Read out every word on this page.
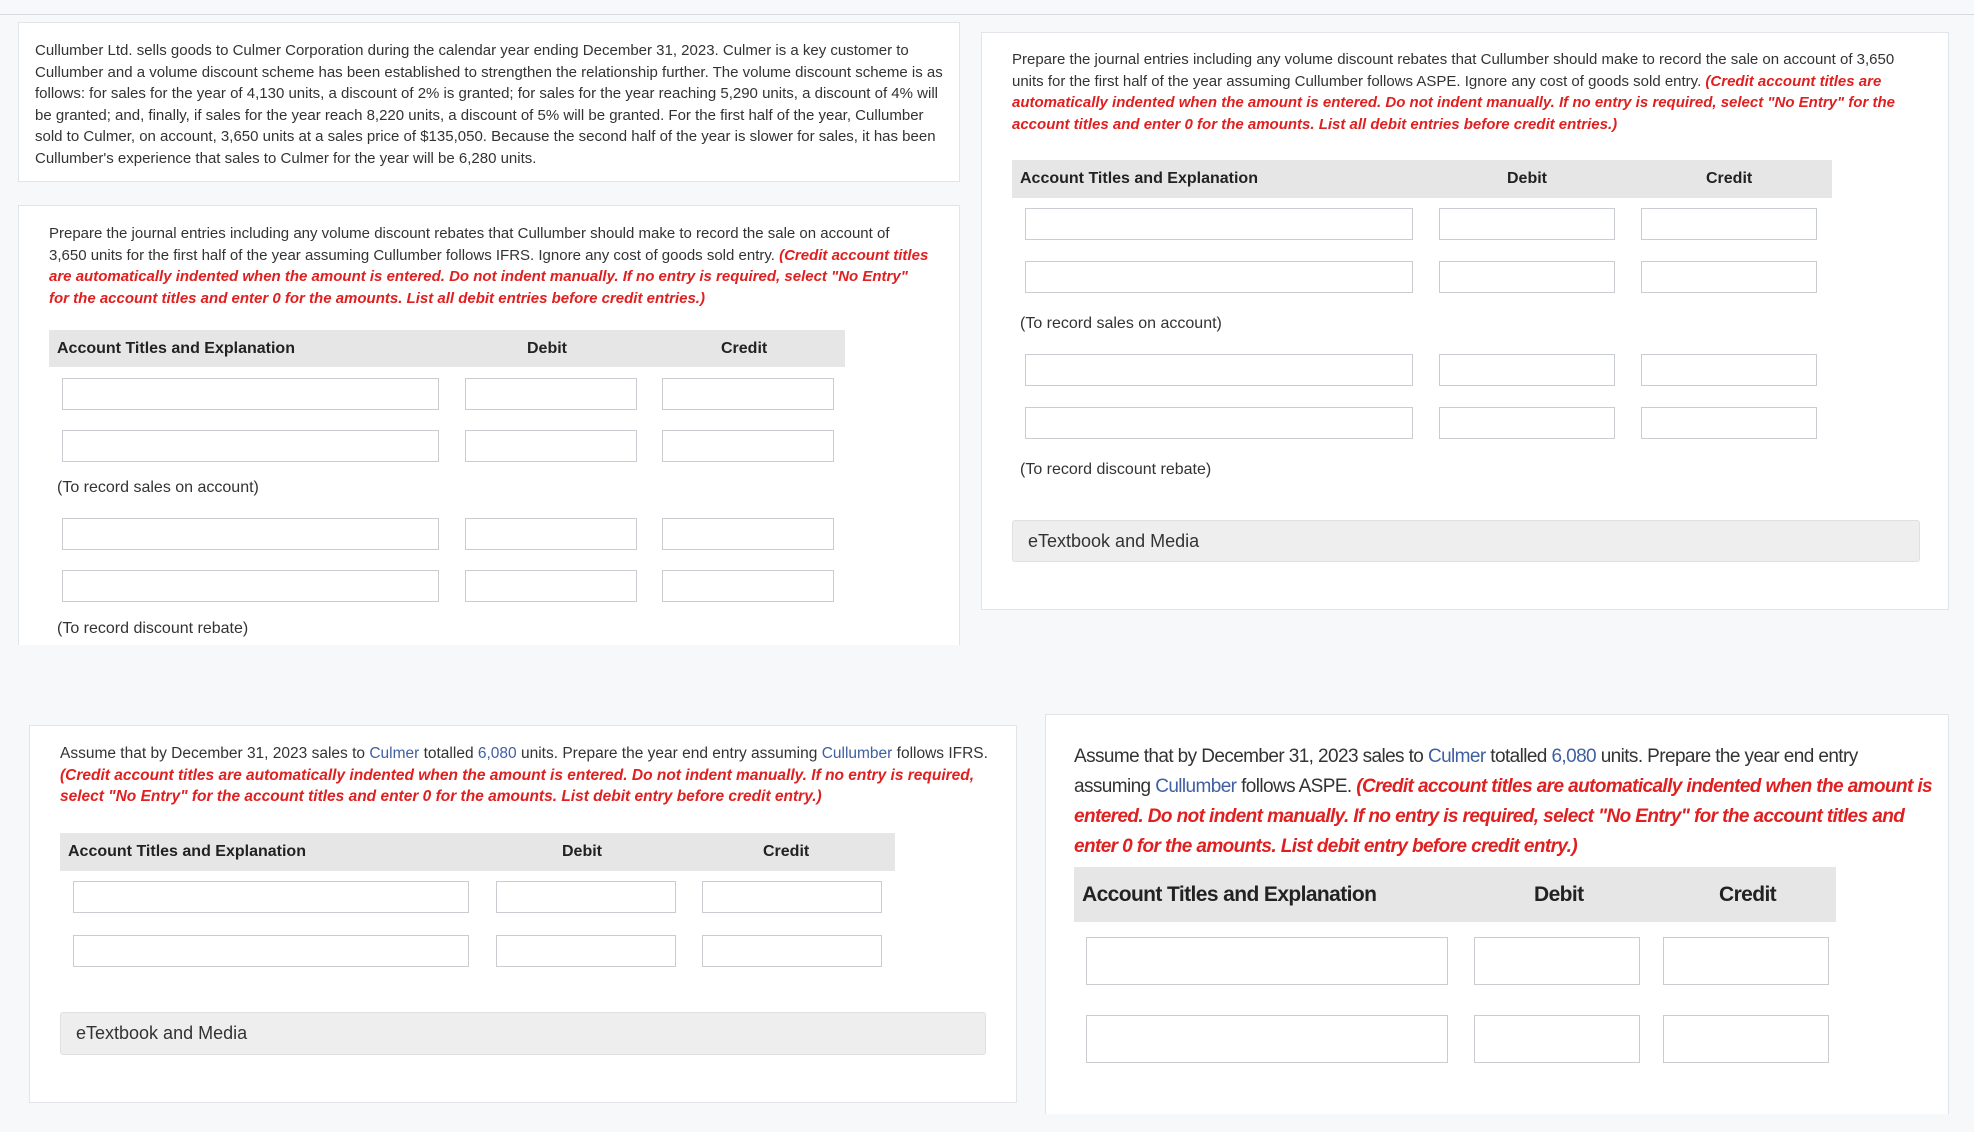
Cullumber Ltd. sells goods to Culmer Corporation during the calendar year ending December 31, 2023. Culmer is a key customer to Cullumber and a volume discount scheme has been established to strengthen the relationship further. The volume discount scheme is as follows: for sales for the year of 4,130 units, a discount of 2% is granted; for sales for the year reaching 5,290 units, a discount of 4% will be granted; and, finally, if sales for the year reach 8,220 units, a discount of 5% will be granted. For the first half of the year, Cullumber sold to Culmer, on account, 3,650 units at a sales price of $135,050. Because the second half of the year is slower for sales, it has been Cullumber's experience that sales to Culmer for the year will be 6,280 units.

Prepare the journal entries including any volume discount rebates that Cullumber should make to record the sale on account of 3,650 units for the first half of the year assuming Cullumber follows IFRS. Ignore any cost of goods sold entry. (Credit account titles are automatically indented when the amount is entered. Do not indent manually. If no entry is required, select "No Entry" for the account titles and enter 0 for the amounts. List all debit entries before credit entries.)

Account Titles and Explanation	Debit	Credit
(To record sales on account)
(To record discount rebate)

Prepare the journal entries including any volume discount rebates that Cullumber should make to record the sale on account of 3,650 units for the first half of the year assuming Cullumber follows ASPE. Ignore any cost of goods sold entry. (Credit account titles are automatically indented when the amount is entered. Do not indent manually. If no entry is required, select "No Entry" for the account titles and enter 0 for the amounts. List all debit entries before credit entries.)

Account Titles and Explanation	Debit	Credit
(To record sales on account)
(To record discount rebate)
eTextbook and Media

Assume that by December 31, 2023 sales to Culmer totalled 6,080 units. Prepare the year end entry assuming Cullumber follows IFRS. (Credit account titles are automatically indented when the amount is entered. Do not indent manually. If no entry is required, select "No Entry" for the account titles and enter 0 for the amounts. List debit entry before credit entry.)

Account Titles and Explanation	Debit	Credit
eTextbook and Media

Assume that by December 31, 2023 sales to Culmer totalled 6,080 units. Prepare the year end entry assuming Cullumber follows ASPE. (Credit account titles are automatically indented when the amount is entered. Do not indent manually. If no entry is required, select "No Entry" for the account titles and enter 0 for the amounts. List debit entry before credit entry.)

Account Titles and Explanation	Debit	Credit
